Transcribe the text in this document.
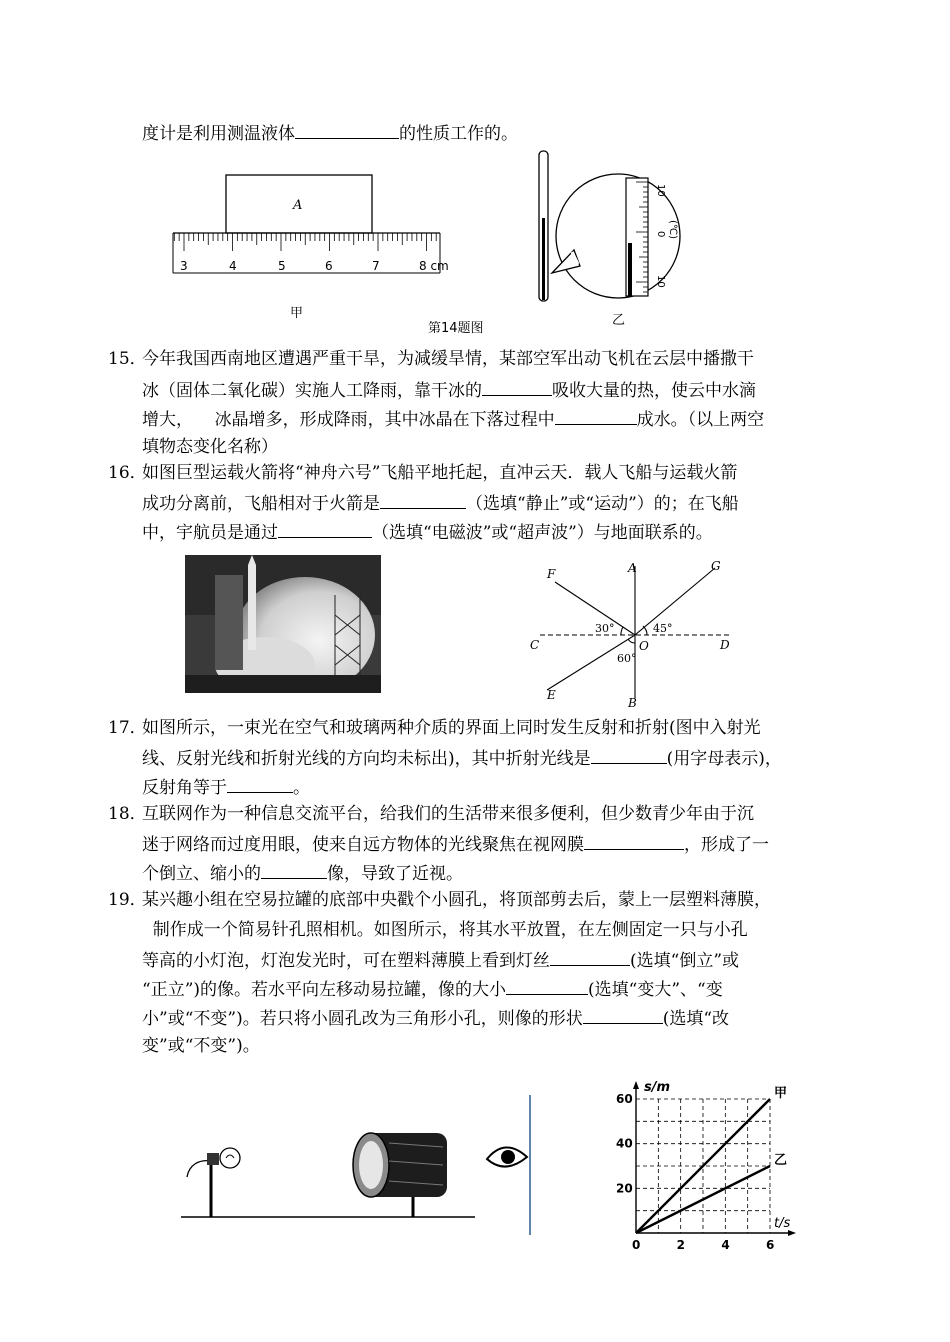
度计是利用测温液体	的性质工作的。
A
3	4	5	6	7	8 cm
甲
第14题图
10
0
10
(℃)
乙
15．
今年我国西南地区遭遇严重干旱，为减缓旱情，某部空军出动飞机在云层中播撒干
冰（固体二氧化碳）实施人工降雨，靠干冰的	吸收大量的热，使云中水滴
增大，    冰晶增多，形成降雨，其中冰晶在下落过程中	成水。（以上两空
填物态变化名称）
16．
如图巨型运载火箭将“神舟六号”飞船平地托起，直冲云天．载人飞船与运载火箭
成功分离前，飞船相对于火箭是	（选填“静止”或“运动”）的；在飞船
中，宇航员是通过	（选填“电磁波”或“超声波”）与地面联系的。
F	A	G
C	O	D
E
B
30°	45°
60°
17．
如图所示，一束光在空气和玻璃两种介质的界面上同时发生反射和折射(图中入射光
线、反射光线和折射光线的方向均未标出)，其中折射光线是	(用字母表示)，
反射角等于	。
18．
互联网作为一种信息交流平台，给我们的生活带来很多便利，但少数青少年由于沉
迷于网络而过度用眼，使来自远方物体的光线聚焦在视网膜	，形成了一
个倒立、缩小的	像，导致了近视。
19．
某兴趣小组在空易拉罐的底部中央戳个小圆孔，将顶部剪去后，蒙上一层塑料薄膜，
制作成一个简易针孔照相机。如图所示，将其水平放置，在左侧固定一只与小孔
等高的小灯泡，灯泡发光时，可在塑料薄膜上看到灯丝	(选填“倒立”或
“正立”)的像。若水平向左移动易拉罐，像的大小	(选填“变大”、“变
小”或“不变”)。若只将小圆孔改为三角形小孔，则像的形状	(选填“改
变”或“不变”)。
甲
乙
0	2	4	6
20
40
60
t/s
s/m
